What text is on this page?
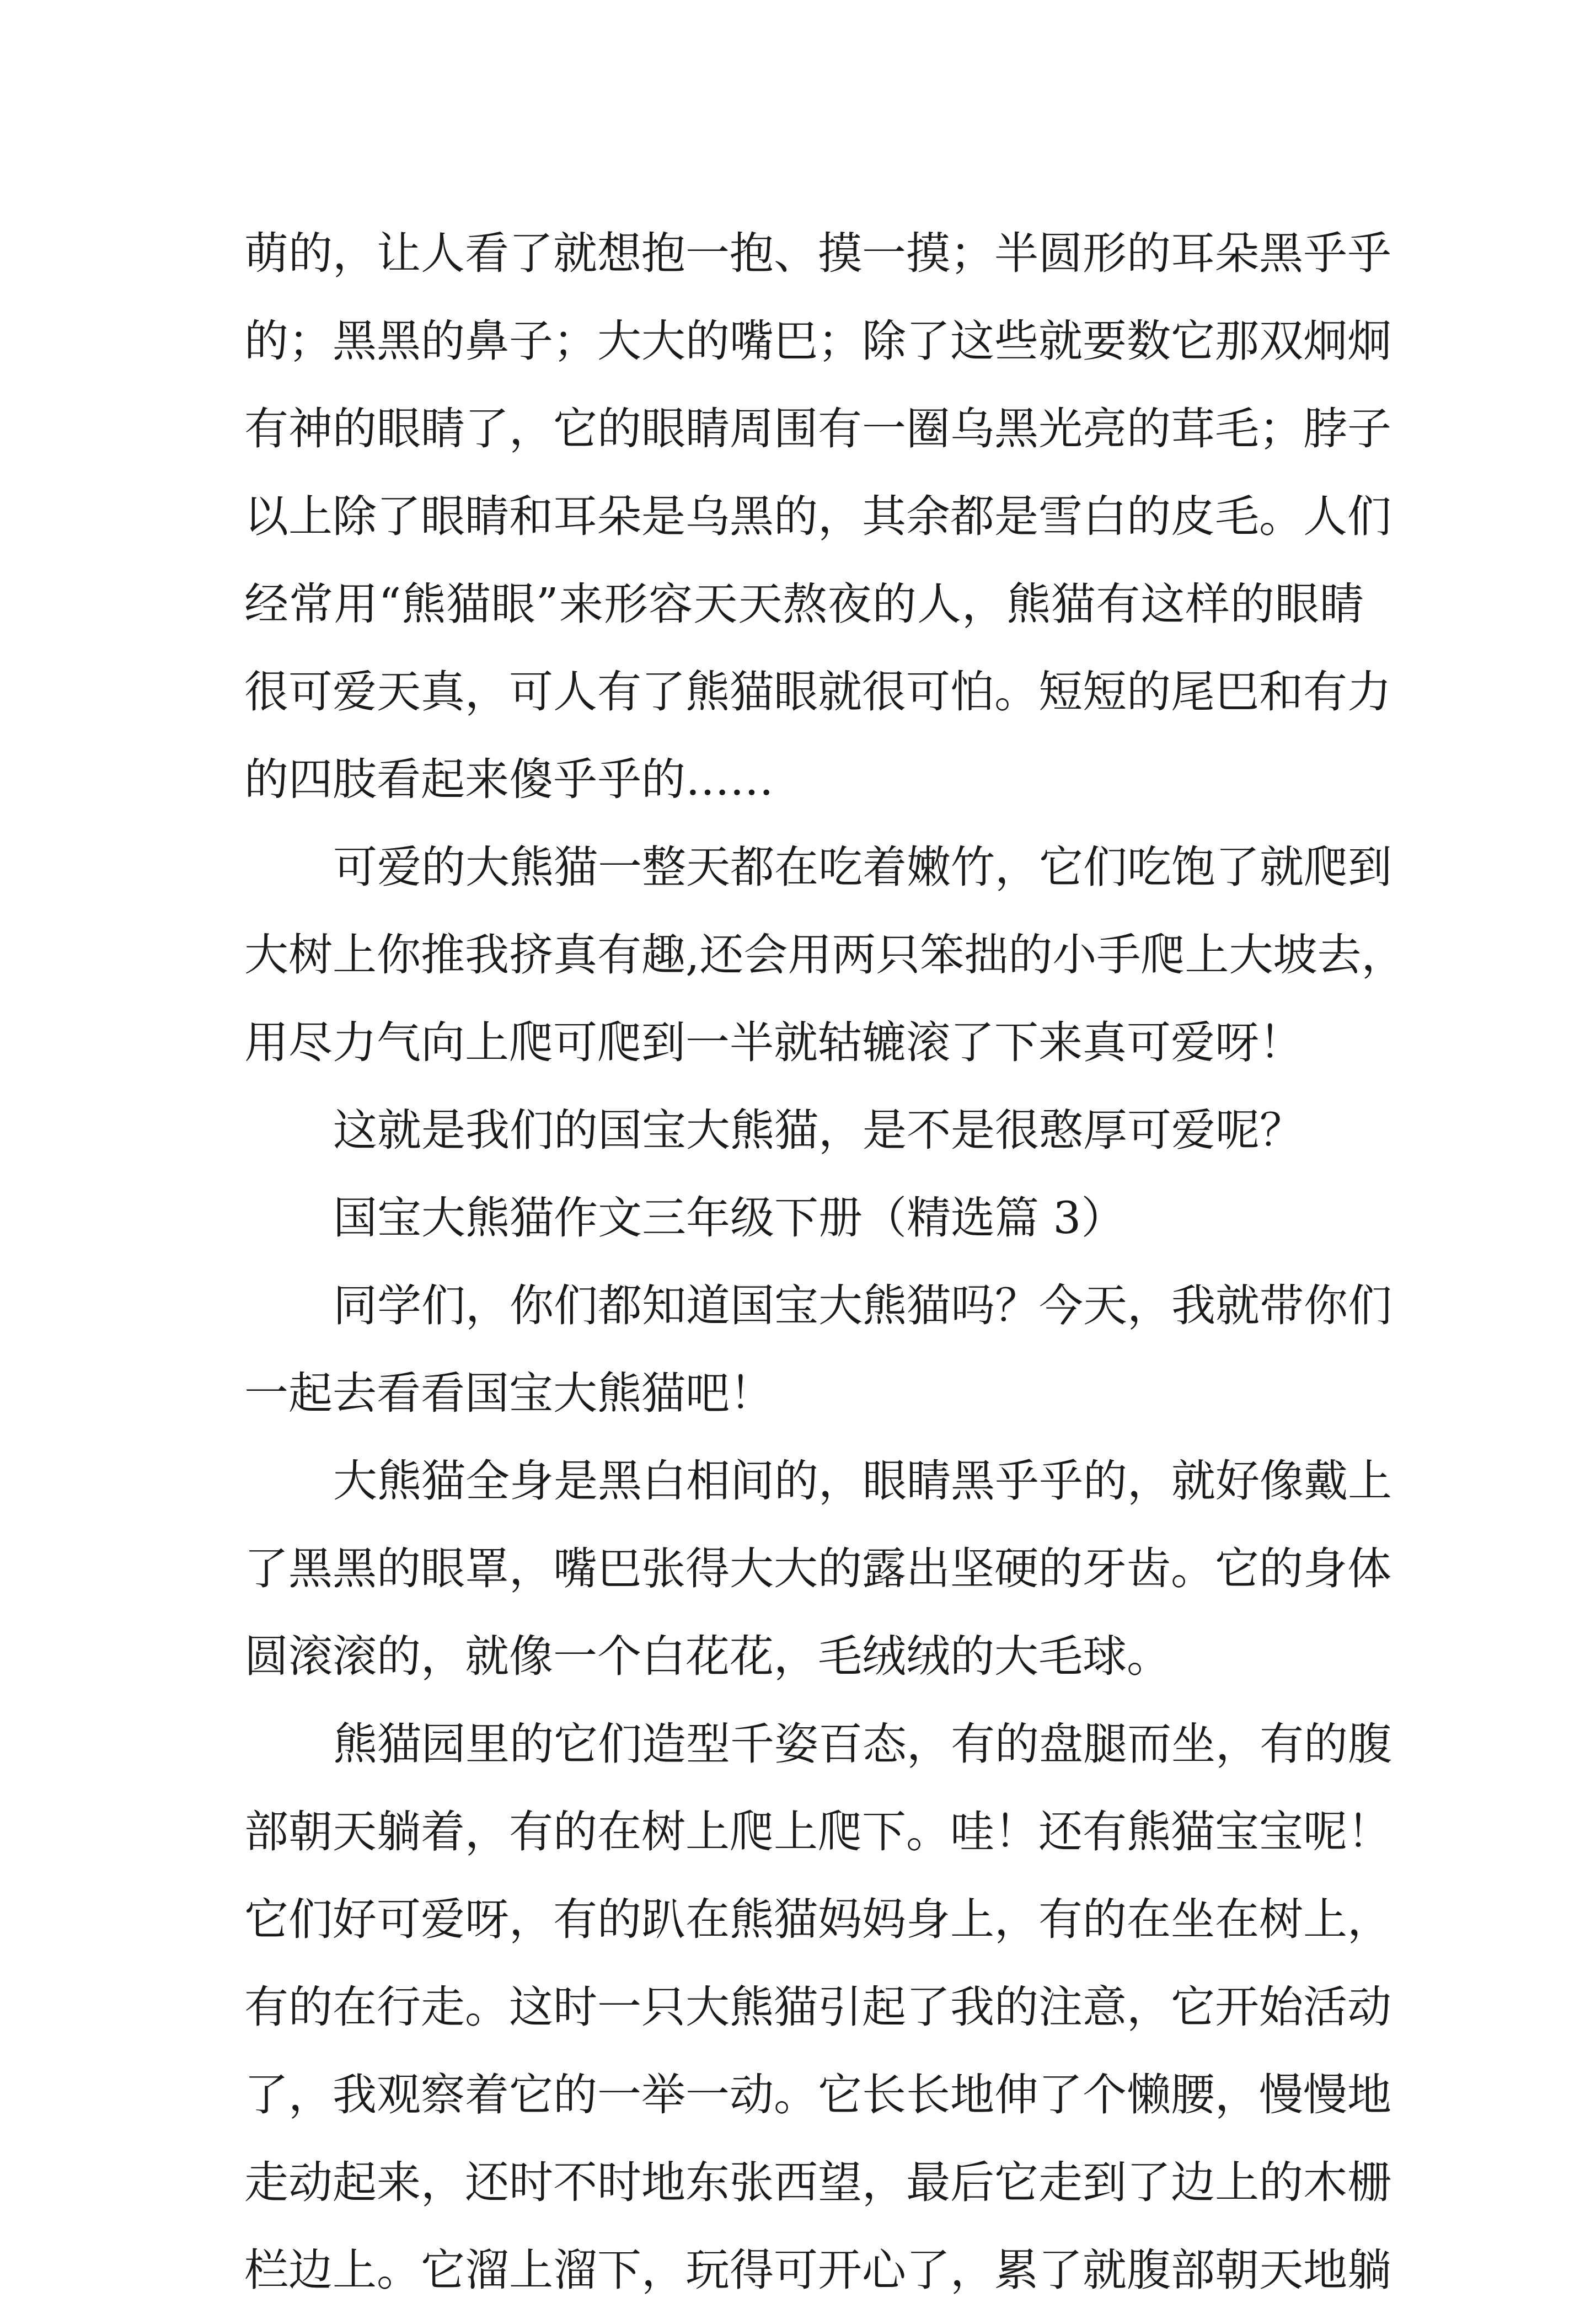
萌的，让人看了就想抱一抱、摸一摸；半圆形的耳朵黑乎乎
的；黑黑的鼻子；大大的嘴巴；除了这些就要数它那双炯炯
有神的眼睛了，它的眼睛周围有一圈乌黑光亮的茸毛；脖子
以上除了眼睛和耳朵是乌黑的，其余都是雪白的皮毛。人们
经常用“熊猫眼”来形容天天熬夜的人，熊猫有这样的眼睛
很可爱天真，可人有了熊猫眼就很可怕。短短的尾巴和有力
的四肢看起来傻乎乎的……
可爱的大熊猫一整天都在吃着嫩竹，它们吃饱了就爬到
大树上你推我挤真有趣,还会用两只笨拙的小手爬上大坡去，
用尽力气向上爬可爬到一半就轱辘滚了下来真可爱呀！
这就是我们的国宝大熊猫，是不是很憨厚可爱呢？
国宝大熊猫作文三年级下册（精选篇 3）
同学们，你们都知道国宝大熊猫吗？今天，我就带你们
一起去看看国宝大熊猫吧！
大熊猫全身是黑白相间的，眼睛黑乎乎的，就好像戴上
了黑黑的眼罩，嘴巴张得大大的露出坚硬的牙齿。它的身体
圆滚滚的，就像一个白花花，毛绒绒的大毛球。
熊猫园里的它们造型千姿百态，有的盘腿而坐，有的腹
部朝天躺着，有的在树上爬上爬下。哇！还有熊猫宝宝呢！
它们好可爱呀，有的趴在熊猫妈妈身上，有的在坐在树上，
有的在行走。这时一只大熊猫引起了我的注意，它开始活动
了，我观察着它的一举一动。它长长地伸了个懒腰，慢慢地
走动起来，还时不时地东张西望，最后它走到了边上的木栅
栏边上。它溜上溜下，玩得可开心了，累了就腹部朝天地躺
